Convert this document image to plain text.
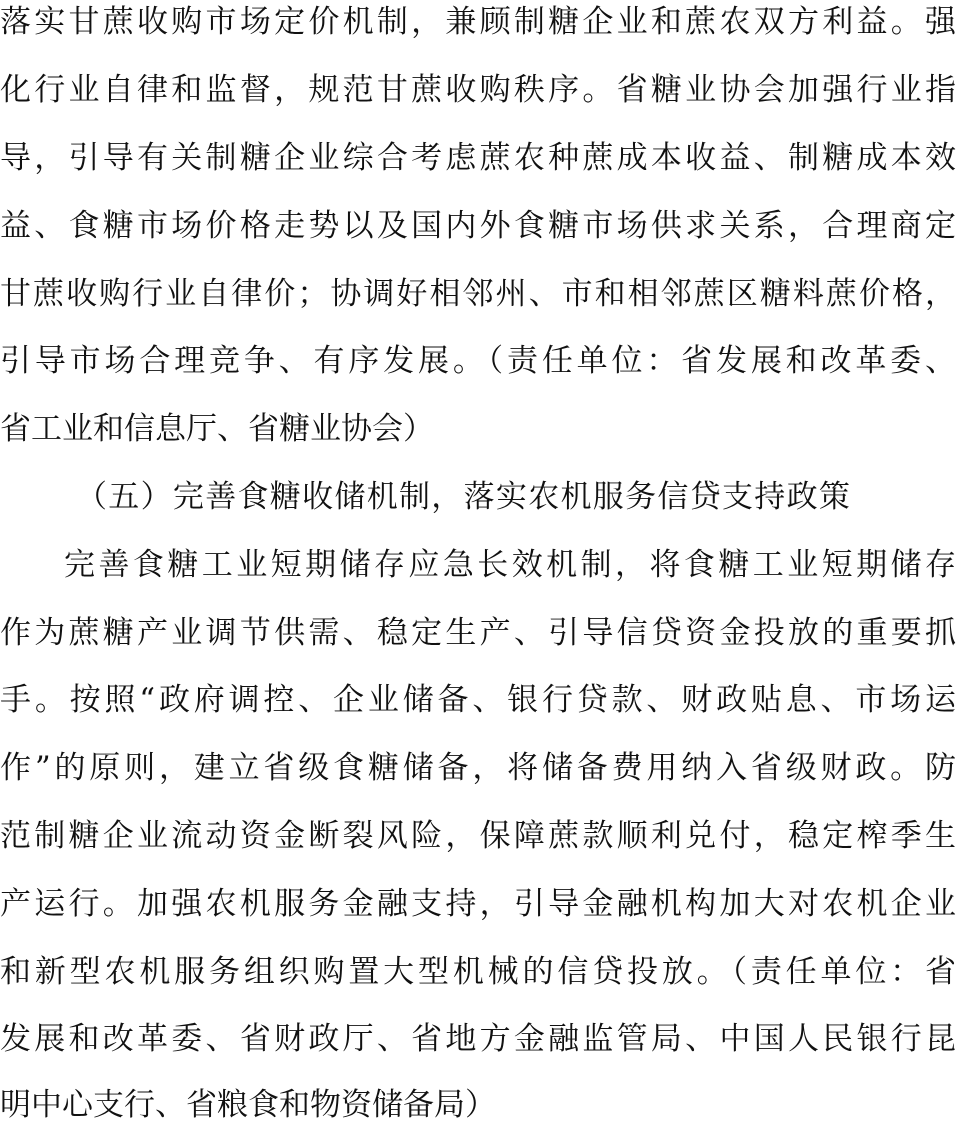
落实甘蔗收购市场定价机制，兼顾制糖企业和蔗农双方利益。强
化行业自律和监督，规范甘蔗收购秩序。省糖业协会加强行业指
导，引导有关制糖企业综合考虑蔗农种蔗成本收益、制糖成本效
益、食糖市场价格走势以及国内外食糖市场供求关系，合理商定
甘蔗收购行业自律价；协调好相邻州、市和相邻蔗区糖料蔗价格，
引导市场合理竞争、有序发展。（责任单位：省发展和改革委、
省工业和信息厅、省糖业协会）
（五）完善食糖收储机制，落实农机服务信贷支持政策
完善食糖工业短期储存应急长效机制，将食糖工业短期储存
作为蔗糖产业调节供需、稳定生产、引导信贷资金投放的重要抓
手。按照“政府调控、企业储备、银行贷款、财政贴息、市场运
作”的原则，建立省级食糖储备，将储备费用纳入省级财政。防
范制糖企业流动资金断裂风险，保障蔗款顺利兑付，稳定榨季生
产运行。加强农机服务金融支持，引导金融机构加大对农机企业
和新型农机服务组织购置大型机械的信贷投放。（责任单位：省
发展和改革委、省财政厅、省地方金融监管局、中国人民银行昆
明中心支行、省粮食和物资储备局）
